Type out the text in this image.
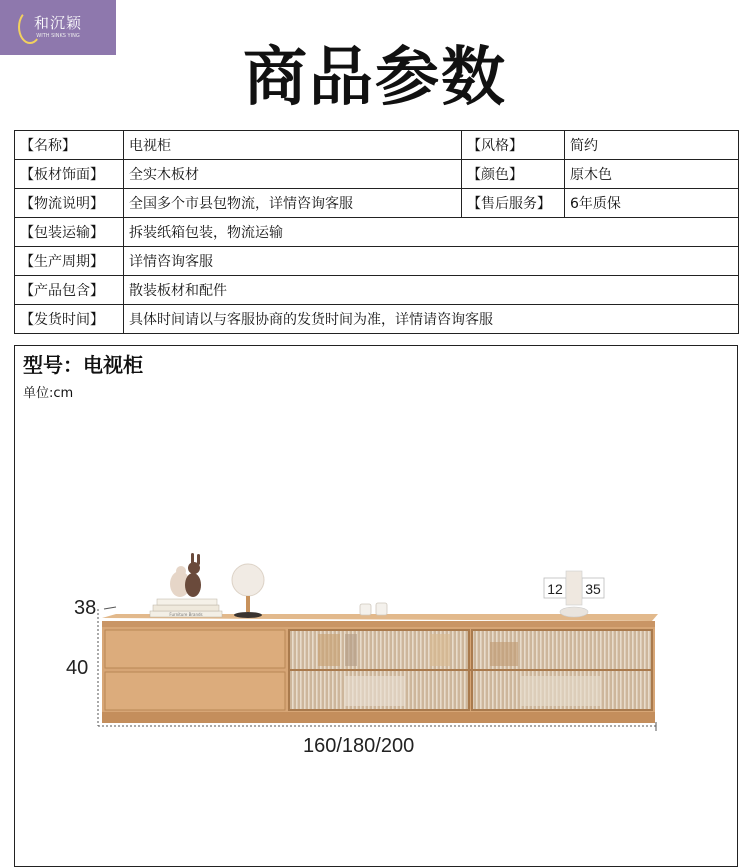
和沉颖
WITH SINKS YING
商品参数
【名称】	电视柜	【风格】	简约
【板材饰面】	全实木板材	【颜色】	原木色
【物流说明】	全国多个市县包物流，详情咨询客服	【售后服务】	6年质保
【包装运输】	拆装纸箱包装，物流运输		
【生产周期】	详情咨询客服		
【产品包含】	散装板材和配件		
【发货时间】	具体时间请以与客服协商的发货时间为准，详情请咨询客服		
型号：电视柜
单位:cm
38
40
160/180/200
Furniture Brands
12 35
